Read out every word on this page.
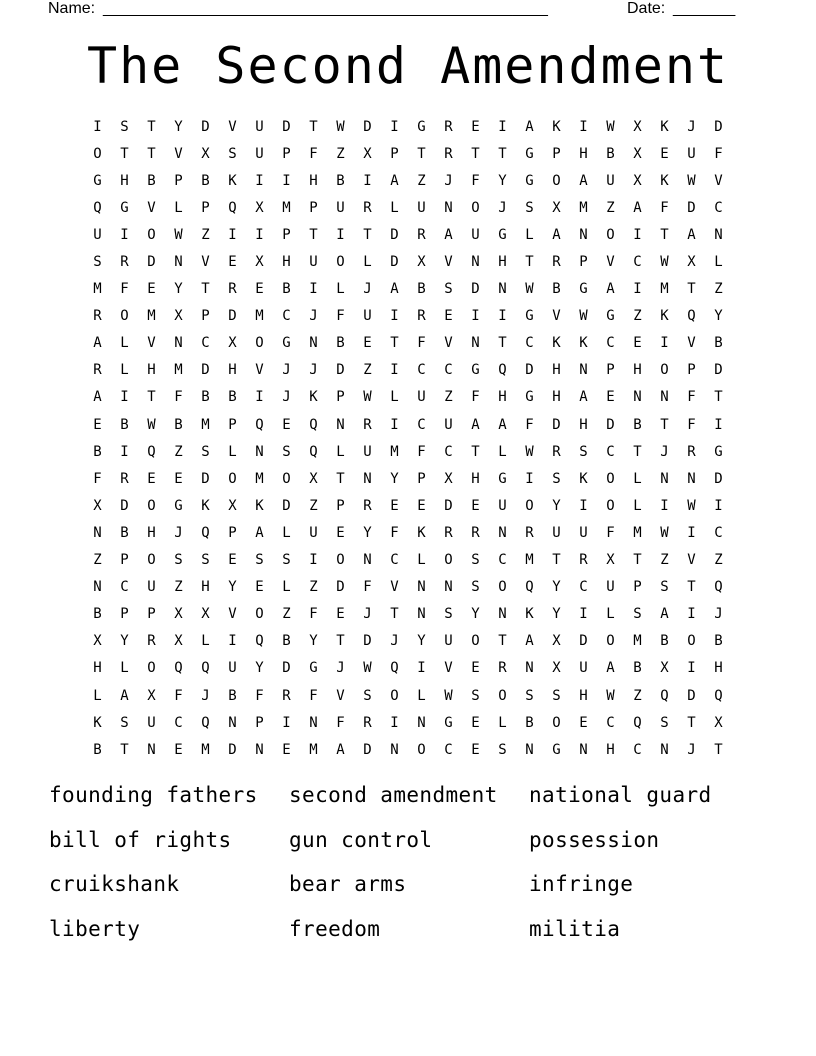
Name: __________________________________________________	Date: _______
The Second Amendment
I	S	T	Y	D	V	U	D	T	W	D	I	G	R	E	I	A	K	I	W	X	K	J	D
O	T	T	V	X	S	U	P	F	Z	X	P	T	R	T	T	G	P	H	B	X	E	U	F
G	H	B	P	B	K	I	I	H	B	I	A	Z	J	F	Y	G	O	A	U	X	K	W	V
Q	G	V	L	P	Q	X	M	P	U	R	L	U	N	O	J	S	X	M	Z	A	F	D	C
U	I	O	W	Z	I	I	P	T	I	T	D	R	A	U	G	L	A	N	O	I	T	A	N
S	R	D	N	V	E	X	H	U	O	L	D	X	V	N	H	T	R	P	V	C	W	X	L
M	F	E	Y	T	R	E	B	I	L	J	A	B	S	D	N	W	B	G	A	I	M	T	Z
R	O	M	X	P	D	M	C	J	F	U	I	R	E	I	I	G	V	W	G	Z	K	Q	Y
A	L	V	N	C	X	O	G	N	B	E	T	F	V	N	T	C	K	K	C	E	I	V	B
R	L	H	M	D	H	V	J	J	D	Z	I	C	C	G	Q	D	H	N	P	H	O	P	D
A	I	T	F	B	B	I	J	K	P	W	L	U	Z	F	H	G	H	A	E	N	N	F	T
E	B	W	B	M	P	Q	E	Q	N	R	I	C	U	A	A	F	D	H	D	B	T	F	I
B	I	Q	Z	S	L	N	S	Q	L	U	M	F	C	T	L	W	R	S	C	T	J	R	G
F	R	E	E	D	O	M	O	X	T	N	Y	P	X	H	G	I	S	K	O	L	N	N	D
X	D	O	G	K	X	K	D	Z	P	R	E	E	D	E	U	O	Y	I	O	L	I	W	I
N	B	H	J	Q	P	A	L	U	E	Y	F	K	R	R	N	R	U	U	F	M	W	I	C
Z	P	O	S	S	E	S	S	I	O	N	C	L	O	S	C	M	T	R	X	T	Z	V	Z
N	C	U	Z	H	Y	E	L	Z	D	F	V	N	N	S	O	Q	Y	C	U	P	S	T	Q
B	P	P	X	X	V	O	Z	F	E	J	T	N	S	Y	N	K	Y	I	L	S	A	I	J
X	Y	R	X	L	I	Q	B	Y	T	D	J	Y	U	O	T	A	X	D	O	M	B	O	B
H	L	O	Q	Q	U	Y	D	G	J	W	Q	I	V	E	R	N	X	U	A	B	X	I	H
L	A	X	F	J	B	F	R	F	V	S	O	L	W	S	O	S	S	H	W	Z	Q	D	Q
K	S	U	C	Q	N	P	I	N	F	R	I	N	G	E	L	B	O	E	C	Q	S	T	X
B	T	N	E	M	D	N	E	M	A	D	N	O	C	E	S	N	G	N	H	C	N	J	T
founding fathers	second amendment	national guard
bill of rights	gun control	possession
cruikshank	bear arms	infringe
liberty	freedom	militia
